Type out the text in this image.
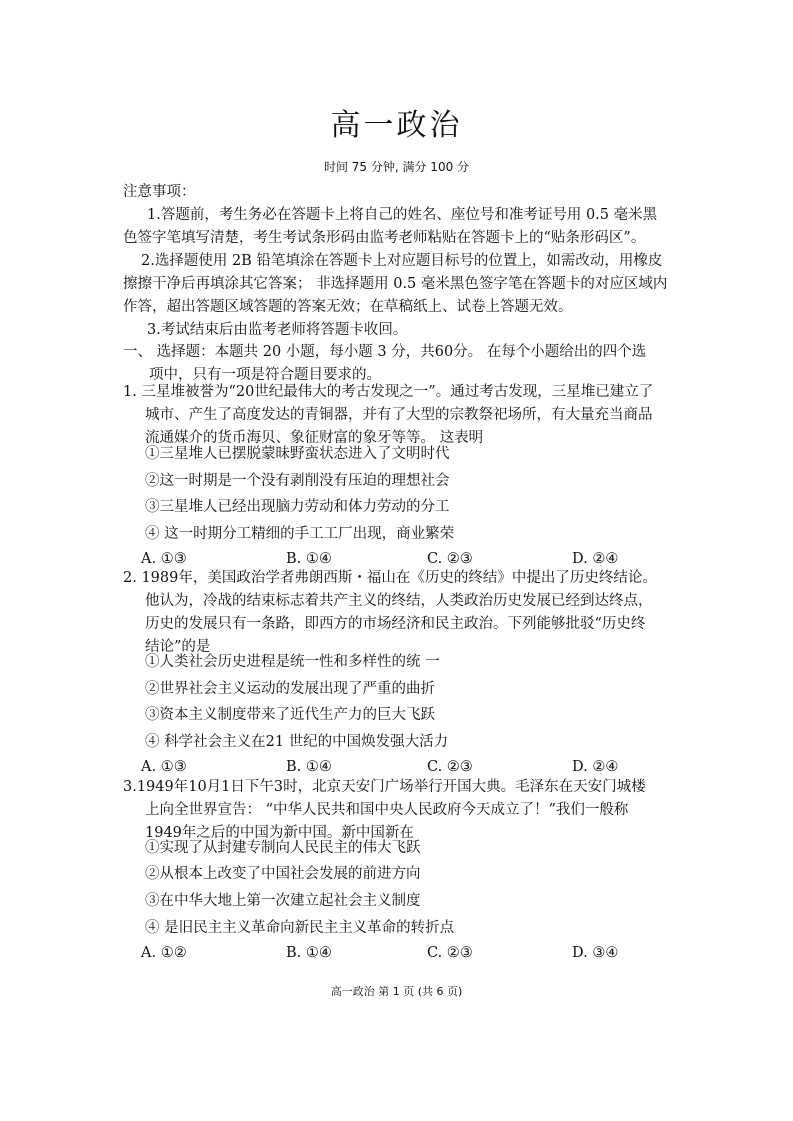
高一政治
时间 75 分钟, 满分 100 分
注意事项：
1.答题前，考生务必在答题卡上将自己的姓名、座位号和准考证号用 0.5 毫米黑
色签字笔填写清楚，考生考试条形码由监考老师粘贴在答题卡上的“贴条形码区”。
2.选择题使用 2B 铅笔填涂在答题卡上对应题目标号的位置上，如需改动，用橡皮
擦擦干净后再填涂其它答案； 非选择题用 0.5 毫米黑色签字笔在答题卡的对应区域内
作答，超出答题区域答题的答案无效；在草稿纸上、试卷上答题无效。
3.考试结束后由监考老师将答题卡收回。
一、 选择题：本题共 20 小题，每小题 3 分，共60分。 在每个小题给出的四个选
项中，只有一项是符合题目要求的。
1. 三星堆被誉为“20世纪最伟大的考古发现之一”。通过考古发现，三星堆已建立了
城市、产生了高度发达的青铜器，并有了大型的宗教祭祀场所，有大量充当商品
流通媒介的货币海贝、象征财富的象牙等等。 这表明
①三星堆人已摆脱蒙昧野蛮状态进入了文明时代
②这一时期是一个没有剥削没有压迫的理想社会
③三星堆人已经出现脑力劳动和体力劳动的分工
④ 这一时期分工精细的手工工厂出现，商业繁荣
A. ①③	B. ①④	C. ②③	D. ②④
2. 1989年，美国政治学者弗朗西斯・福山在《历史的终结》中提出了历史终结论。
他认为，冷战的结束标志着共产主义的终结，人类政治历史发展已经到达终点，
历史的发展只有一条路，即西方的市场经济和民主政治。下列能够批驳“历史终
结论”的是
①人类社会历史进程是统一性和多样性的统 一
②世界社会主义运动的发展出现了严重的曲折
③资本主义制度带来了近代生产力的巨大飞跃
④ 科学社会主义在21 世纪的中国焕发强大活力
A. ①③	B. ①④	C. ②③	D. ②④
3.1949年10月1日下午3时，北京天安门广场举行开国大典。毛泽东在天安门城楼
上向全世界宣告： “中华人民共和国中央人民政府今天成立了！”我们一般称
1949年之后的中国为新中国。新中国新在
①实现了从封建专制向人民民主的伟大飞跃
②从根本上改变了中国社会发展的前进方向
③在中华大地上第一次建立起社会主义制度
④ 是旧民主主义革命向新民主主义革命的转折点
A. ①②	B. ①④	C. ②③	D. ③④
高一政治 第 1 页 (共 6 页)
